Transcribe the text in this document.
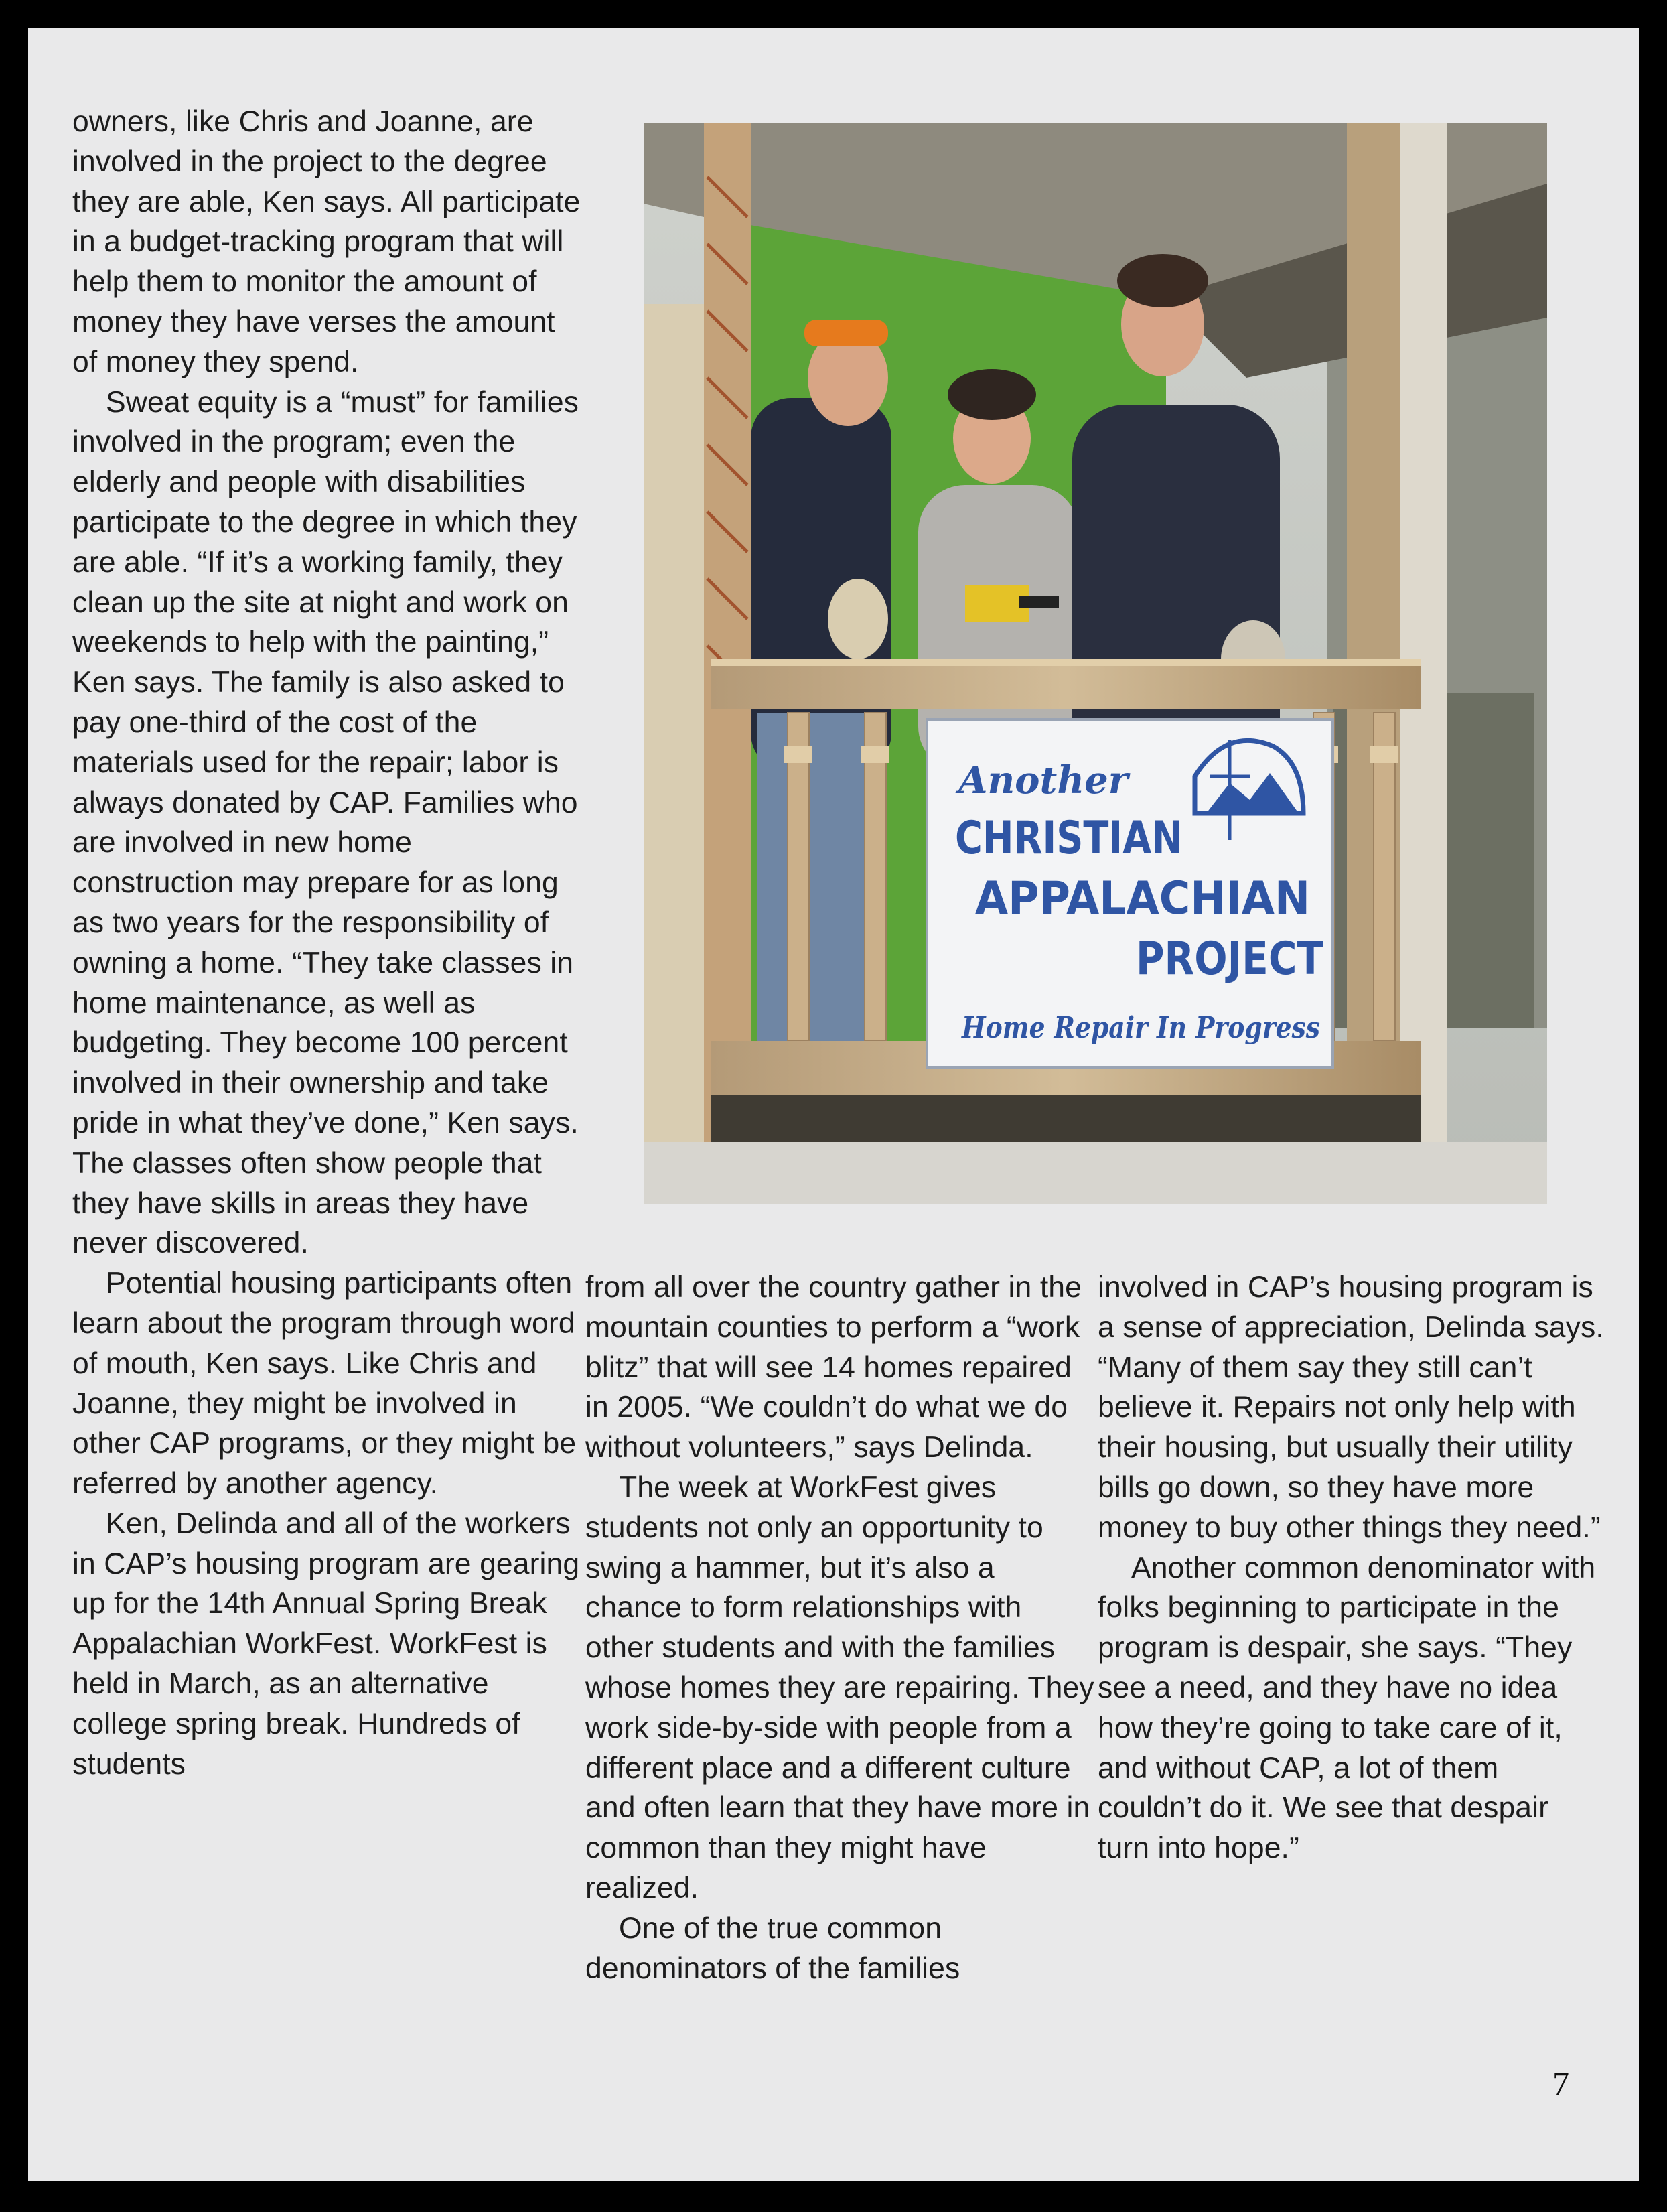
owners, like Chris and Joanne, are involved in the project to the degree they are able, Ken says. All participate in a budget-tracking program that will help them to monitor the amount of money they have verses the amount of money they spend.

Sweat equity is a “must” for families involved in the program; even the elderly and people with disabilities participate to the degree in which they are able. “If it’s a working family, they clean up the site at night and work on weekends to help with the painting,” Ken says. The family is also asked to pay one-third of the cost of the materials used for the repair; labor is always donated by CAP. Families who are involved in new home construction may prepare for as long as two years for the responsibility of owning a home. “They take classes in home maintenance, as well as budgeting. They become 100 percent involved in their ownership and take pride in what they’ve done,” Ken says. The classes often show people that they have skills in areas they have never discovered.

Potential housing participants often learn about the program through word of mouth, Ken says. Like Chris and Joanne, they might be involved in other CAP programs, or they might be referred by another agency.

Ken, Delinda and all of the workers in CAP’s housing program are gearing up for the 14th Annual Spring Break Appalachian WorkFest. WorkFest is held in March, as an alternative college spring break. Hundreds of students

Another
CHRISTIAN
APPALACHIAN
PROJECT
Home Repair In Progress

from all over the country gather in the mountain counties to perform a “work blitz” that will see 14 homes repaired in 2005. “We couldn’t do what we do without volunteers,” says Delinda.

The week at WorkFest gives students not only an opportunity to swing a hammer, but it’s also a chance to form relationships with other students and with the families whose homes they are repairing. They work side-by-side with people from a different place and a different culture and often learn that they have more in common than they might have realized.

One of the true common denominators of the families

involved in CAP’s housing program is a sense of appreciation, Delinda says. “Many of them say they still can’t believe it. Repairs not only help with their housing, but usually their utility bills go down, so they have more money to buy other things they need.”

Another common denominator with folks beginning to participate in the program is despair, she says. “They see a need, and they have no idea how they’re going to take care of it, and without CAP, a lot of them couldn’t do it. We see that despair turn into hope.”

7
